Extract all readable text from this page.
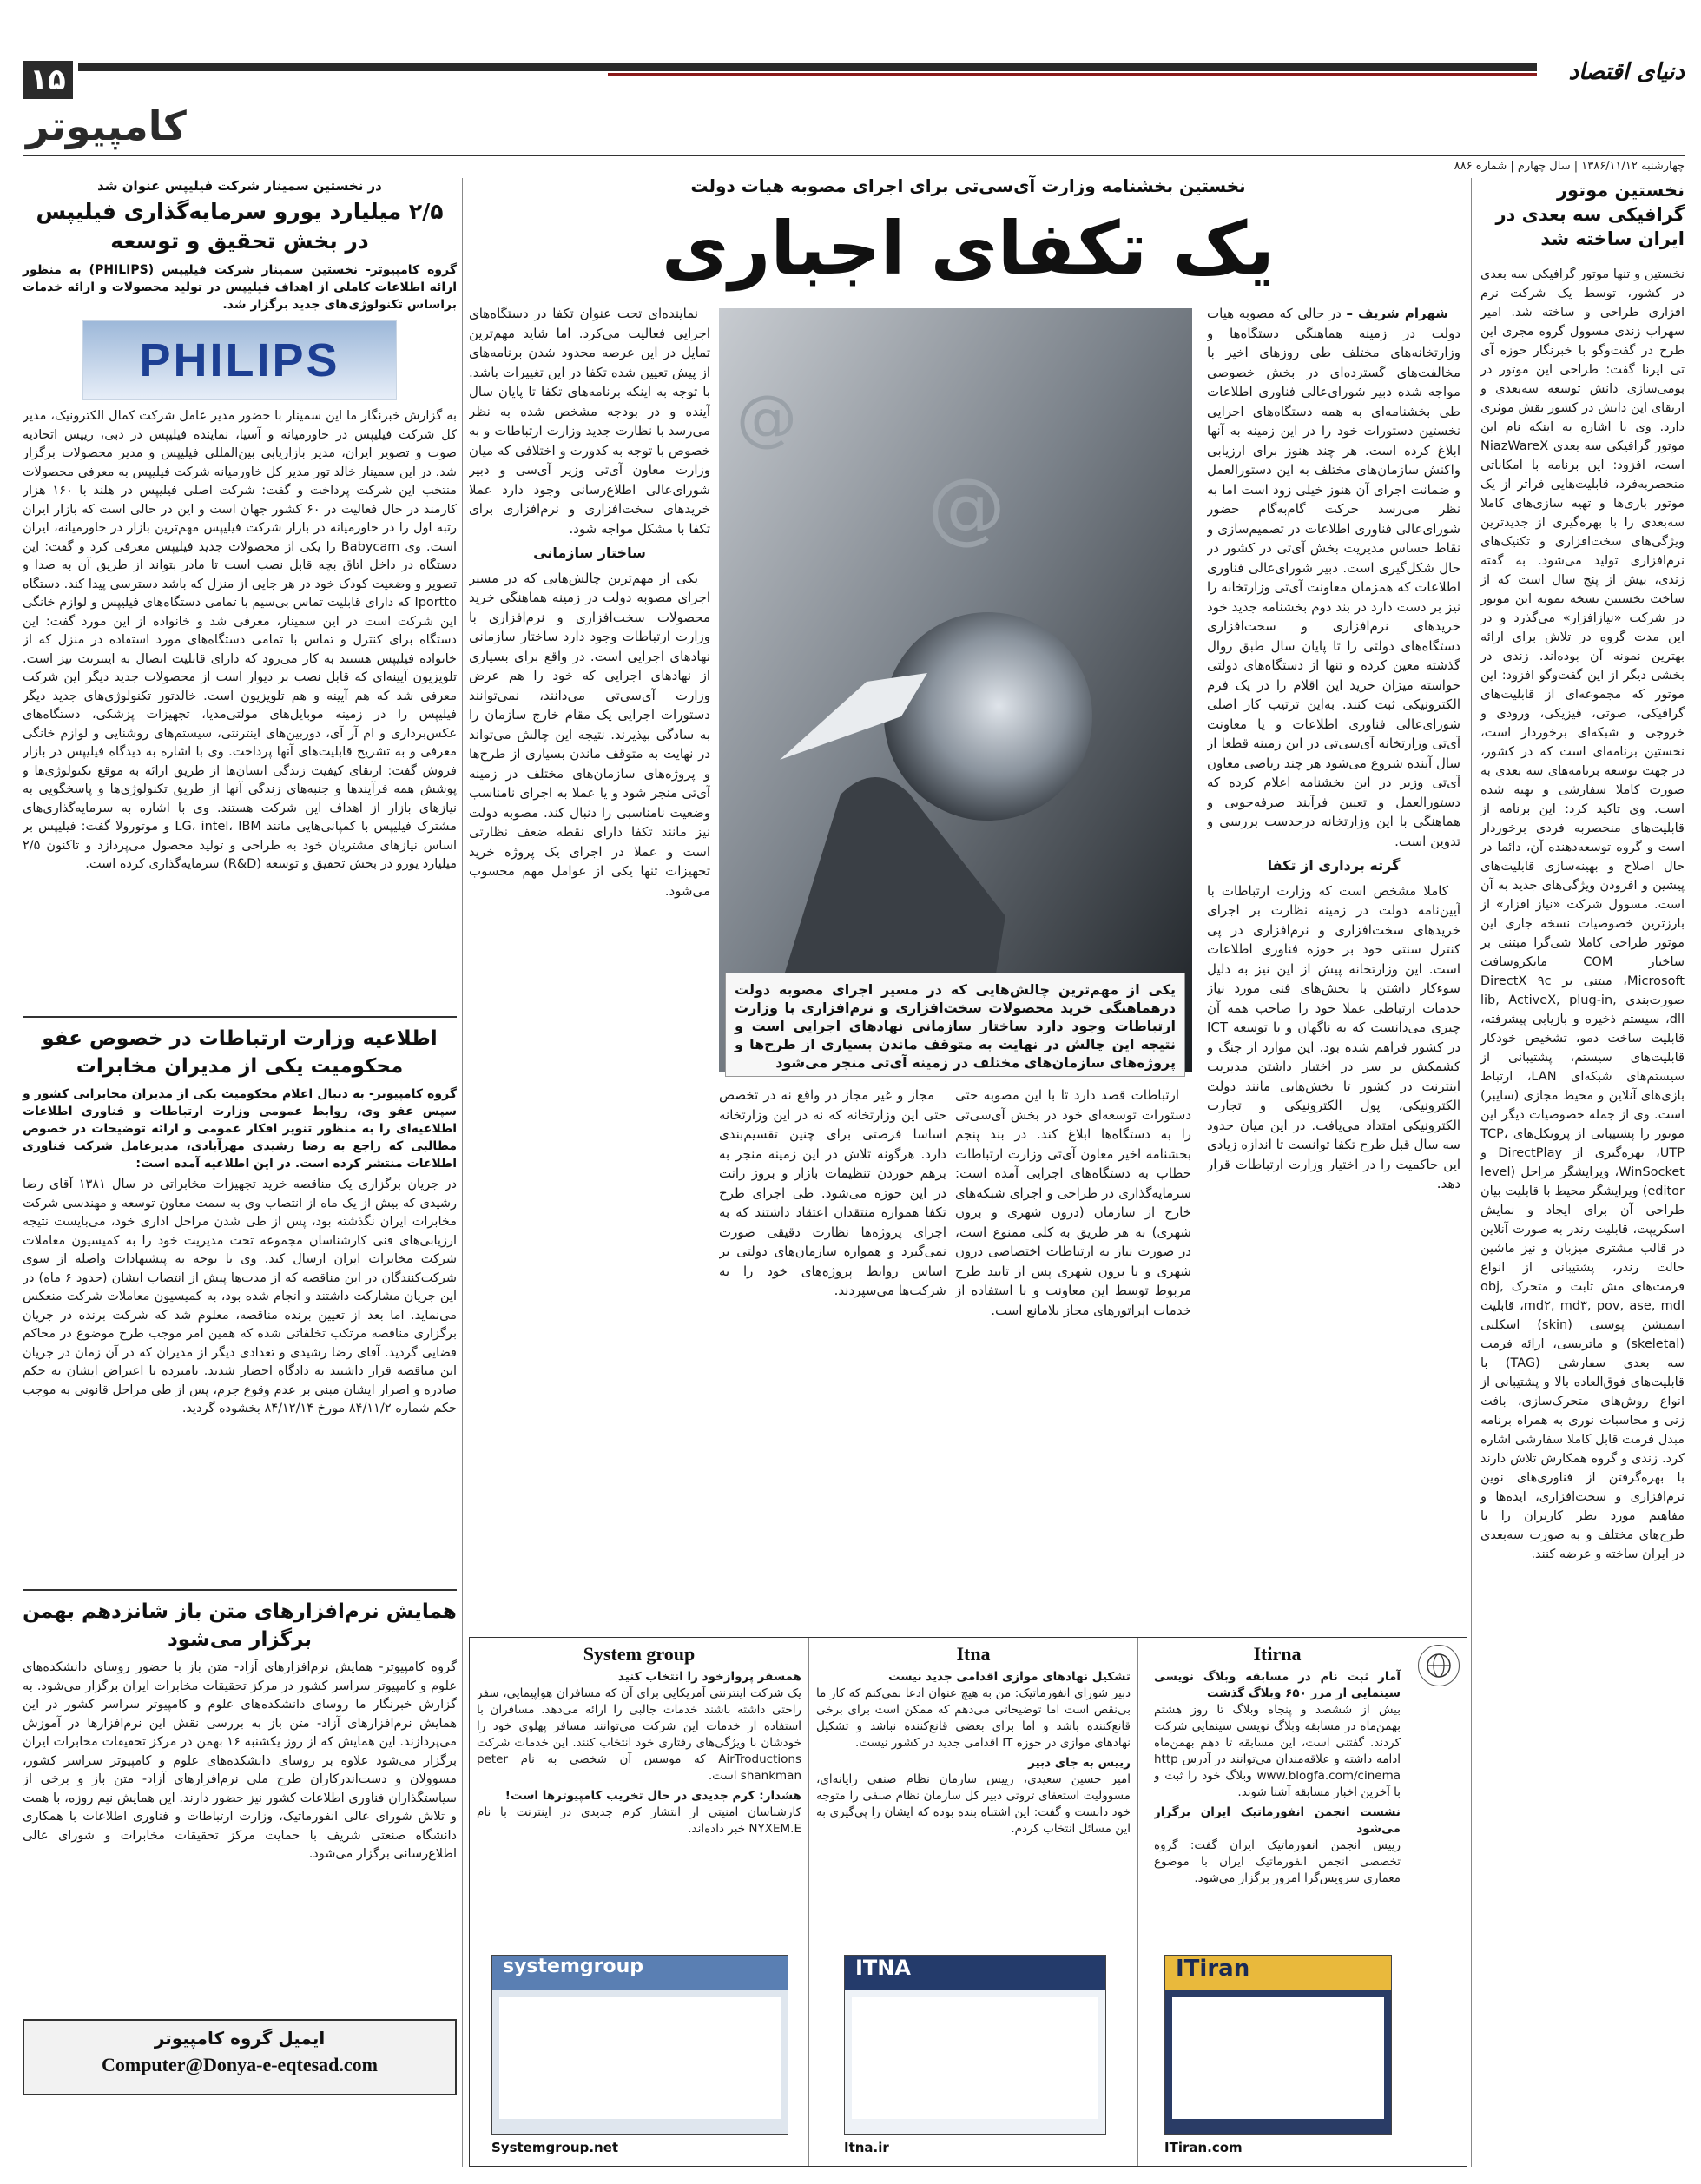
۱۵	دنیای اقتصاد
کامپیوتر
چهارشنبه ۱۳۸۶/۱۱/۱۲ | سال چهارم | شماره ۸۸۶
نخستین موتور گرافیکی سه بعدی در ایران ساخته شد
نخستین و تنها موتور گرافیکی سه بعدی در کشور، توسط یک شرکت نرم افزاری طراحی و ساخته شد. امیر سهراب زندی مسوول گروه مجری این طرح در گفت‌وگو با خبرنگار حوزه آی تی ایرنا گفت: طراحی این موتور در بومی‌سازی دانش توسعه سه‌بعدی و ارتقای این دانش در کشور نقش موثری دارد. وی با اشاره به اینکه نام این موتور گرافیکی سه بعدی NiazWareX است، افزود: این برنامه با امکاناتی منحصربه‌فرد، قابلیت‌هایی فراتر از یک موتور بازی‌ها و تهیه سازی‌های کاملا سه‌بعدی را با بهره‌گیری از جدیدترین ویژگی‌های سخت‌افزاری و تکنیک‌های نرم‌افزاری تولید می‌شود. به گفته زندی، بیش از پنج سال است که از ساخت نخستین نسخه نمونه این موتور در شرکت «نیازافزار» می‌گذرد و در این مدت گروه در تلاش برای ارائه بهترین نمونه آن بوده‌اند. زندی در بخشی دیگر از این گفت‌وگو افزود: این موتور که مجموعه‌ای از قابلیت‌های گرافیکی، صوتی، فیزیکی، ورودی و خروجی و شبکه‌ای برخوردار است، نخستین برنامه‌ای است که در کشور، در جهت توسعه برنامه‌های سه بعدی به صورت کاملا سفارشی و تهیه شده است. وی تاکید کرد: این برنامه از قابلیت‌های منحصربه فردی برخوردار است و گروه توسعه‌دهنده آن، دائما در حال اصلاح و بهینه‌سازی قابلیت‌های پیشین و افزودن ویژگی‌های جدید به آن است. مسوول شرکت «نیاز افزار» از بارزترین خصوصیات نسخه جاری این موتور طراحی کاملا شی‌گرا مبتنی بر ساختار COM مایکروسافت Microsoft، مبتنی بر DirectX ۹c صورت‌بندی lib, ActiveX, plug-in, dll، سیستم ذخیره و بازیابی پیشرفته، قابلیت ساخت دمو، تشخیص خودکار قابلیت‌های سیستم، پشتیبانی از سیستم‌های شبکه‌ای LAN، ارتباط بازی‌های آنلاین و محیط مجازی (سایبر) است. وی از جمله خصوصیات دیگر این موتور را پشتیبانی از پروتکل‌های TCP، UTP، بهره‌گیری از DirectPlay و WinSocket، ویرایشگر مراحل (level editor) ویرایشگر محیط با قابلیت بیان طراحی آن برای ایجاد و نمایش اسکریپت، قابلیت رندر به صورت آنلاین در قالب مشتری میزبان و نیز ماشین حالت رندر، پشتیبانی از انواع فرمت‌های مش ثابت و متحرک obj, md۲, md۳, pov, ase, mdl، قابلیت انیمیشن پوستی (skin) اسکلتی (skeletal) و ماتریسی، ارائه فرمت سه بعدی سفارشی (TAG) با قابلیت‌های فوق‌العاده بالا و پشتیبانی از انواع روش‌های متحرک‌سازی، بافت زنی و محاسبات نوری به همراه برنامه مبدل فرمت قابل کاملا سفارشی اشاره کرد. زندی و گروه همکارش تلاش دارند با بهره‌گرفتن از فناوری‌های نوین نرم‌افزاری و سخت‌افزاری، ایده‌ها و مفاهیم مورد نظر کاربران را با طرح‌های مختلف و به صورت سه‌بعدی در ایران ساخته و عرضه کنند.
نخستین بخشنامه وزارت آی‌سی‌تی برای اجرای مصوبه هیات دولت
یک تکفای اجباری

شهرام شریف – در حالی که مصوبه هیات دولت در زمینه هماهنگی دستگاه‌ها و وزارتخانه‌های مختلف طی روزهای اخیر با مخالفت‌های گسترده‌ای در بخش خصوصی مواجه شده دبیر شورای‌عالی فناوری اطلاعات طی بخشنامه‌ای به همه دستگاه‌های اجرایی نخستین دستورات خود را در این زمینه به آنها ابلاغ کرده است. هر چند هنوز برای ارزیابی واکنش سازمان‌های مختلف به این دستورالعمل و ضمانت اجرای آن هنوز خیلی زود است اما به نظر می‌رسد حرکت گام‌به‌گام حضور شورای‌عالی فناوری اطلاعات در تصمیم‌سازی و نقاط حساس مدیریت بخش آی‌تی در کشور در حال شکل‌گیری است. دبیر شورای‌عالی فناوری اطلاعات که همزمان معاونت آی‌تی وزارتخانه را نیز بر دست دارد در بند دوم بخشنامه جدید خود خرید‌های نرم‌افزاری و سخت‌افزاری دستگاه‌های دولتی را تا پایان سال طبق روال گذشته معین کرده و تنها از دستگاه‌های دولتی خواسته میزان خرید این اقلام را در یک فرم الکترونیکی ثبت کنند. به‌این ترتیب کار اصلی شورای‌عالی فناوری اطلاعات و یا معاونت آی‌تی وزارتخانه آی‌سی‌تی در این زمینه قطعا از سال آینده شروع می‌شود هر چند ریاضی معاون آی‌تی وزیر در این بخشنامه اعلام کرده که دستورالعمل و تعیین فرآیند صرفه‌جویی و هماهنگی با این وزارتخانه درحدست بررسی و تدوین است.

گرته برداری از تکفا

کاملا مشخص است که وزارت ارتباطات با آیین‌نامه دولت در زمینه نظارت بر اجرای خریدهای سخت‌افزاری و نرم‌افزاری در پی کنترل سنتی خود بر حوزه فناوری اطلاعات است. این وزارتخانه پیش از این نیز به دلیل سوءکار داشتن با بخش‌های فنی مورد نیاز خدمات ارتباطی عملا خود را صاحب همه آن چیزی می‌دانست که به ناگهان و با توسعه ICT در کشور فراهم شده بود. این موارد از جنگ و کشمکش بر سر در اختیار داشتن مدیریت اینترنت در کشور تا بخش‌هایی مانند دولت الکترونیکی، پول الکترونیکی و تجارت الکترونیکی امتداد می‌یافت. در این میان حدود سه سال قبل طرح تکفا توانست تا اندازه زیادی این حاکمیت را در اختیار وزارت ارتباطات قرار دهد.

@
@
یکی از مهم‌ترین چالش‌هایی که در مسیر اجرای مصوبه دولت درهماهنگی خرید محصولات سخت‌افزاری و نرم‌افزاری با وزارت ارتباطات وجود دارد ساختار سازمانی نهادهای اجرایی است و نتیجه این چالش در نهایت به متوقف ماندن بسیاری از طرح‌ها و پروژه‌های سازمان‌های مختلف در زمینه آی‌تی منجر می‌شود

نماینده‌ای تحت عنوان تکفا در دستگاه‌های اجرایی فعالیت می‌کرد. اما شاید مهم‌ترین تمایل در این عرصه محدود شدن برنامه‌های از پیش تعیین شده تکفا در این تغییرات باشد. با توجه به اینکه برنامه‌های تکفا تا پایان سال آینده و در بودجه مشخص شده به نظر می‌رسد با نظارت جدید وزارت ارتباطات و به خصوص با توجه به کدورت و اختلافی که میان وزارت معاون آی‌تی وزیر آی‌سی و دبیر شورای‌عالی اطلاع‌رسانی وجود دارد عملا خریدهای سخت‌افزاری و نرم‌افزاری برای تکفا با مشکل مواجه شود.

ساختار سازمانی

یکی از مهم‌ترین چالش‌هایی که در مسیر اجرای مصوبه دولت در زمینه هماهنگی خرید محصولات سخت‌افزاری و نرم‌افزاری با وزارت ارتباطات وجود دارد ساختار سازمانی نهادهای اجرایی است. در واقع برای بسیاری از نهادهای اجرایی که خود را هم عرض وزارت آی‌سی‌تی می‌دانند، نمی‌توانند دستورات اجرایی یک مقام خارج سازمان را به سادگی بپذیرند. نتیجه این چالش می‌تواند در نهایت به متوقف ماندن بسیاری از طرح‌ها و پروژه‌های سازمان‌های مختلف در زمینه آی‌تی منجر شود و یا عملا به اجرای نامناسب وضعیت نامناسبی را دنبال کند. مصوبه دولت نیز مانند تکفا دارای نقطه ضعف نظارتی است و عملا در اجرای یک پروژه خرید تجهیزات تنها یکی از عوامل مهم محسوب می‌شود.

ارتباطات قصد دارد تا با این مصوبه حتی دستورات توسعه‌ای خود در بخش آی‌سی‌تی را به دستگاه‌ها ابلاغ کند. در بند پنجم بخشنامه اخیر معاون آی‌تی وزارت ارتباطات خطاب به دستگاه‌های اجرایی آمده است: سرمایه‌گذاری در طراحی و اجرای شبکه‌های خارج از سازمان (درون شهری و برون شهری) به هر طریق به کلی ممنوع است، در صورت نیاز به ارتباطات اختصاصی درون شهری و یا برون شهری پس از تایید طرح مربوط توسط این معاونت و با استفاده از خدمات اپراتورهای مجاز بلامانع است.

مجاز و غیر مجاز در واقع نه در تخصص حتی این وزارتخانه که نه در این وزارتخانه اساسا فرصتی برای چنین تقسیم‌بندی دارد. هرگونه تلاش در این زمینه منجر به برهم خوردن تنظیمات بازار و بروز رانت در این حوزه می‌شود. طی اجرای طرح تکفا همواره منتقدان اعتقاد داشتند که به اجرای پروژه‌ها نظارت دقیقی صورت نمی‌گیرد و همواره سازمان‌های دولتی بر اساس روابط پروژه‌های خود را به شرکت‌ها می‌سپردند.

در نخستین سمینار شرکت فیلیپس عنوان شد
۲/۵ میلیارد یورو سرمایه‌گذاری فیلیپس در بخش تحقیق و توسعه
گروه کامپیوتر- نخستین سمینار شرکت فیلیپس (PHILIPS) به منظور ارائه اطلاعات کاملی از اهداف فیلیپس در تولید محصولات و ارائه خدمات براساس تکنولوژی‌های جدید برگزار شد.
PHILIPS
به گزارش خبرنگار ما این سمینار با حضور مدیر عامل شرکت کمال الکترونیک، مدیر کل شرکت فیلیپس در خاورمیانه و آسیا، نماینده فیلیپس در دبی، رییس اتحادیه صوت و تصویر ایران، مدیر بازاریابی بین‌المللی فیلیپس و مدیر محصولات برگزار شد. در این سمینار خالد تور مدیر کل خاورمیانه شرکت فیلیپس به معرفی محصولات منتخب این شرکت پرداخت و گفت: شرکت اصلی فیلیپس در هلند با ۱۶۰ هزار کارمند در حال فعالیت در ۶۰ کشور جهان است و این در حالی است که بازار ایران رتبه اول را در خاورمیانه در بازار شرکت فیلیپس مهم‌ترین بازار در خاورمیانه، ایران است. وی Babycam را یکی از محصولات جدید فیلیپس معرفی کرد و گفت: این دستگاه در داخل اتاق بچه قابل نصب است تا مادر بتواند از طریق آن به صدا و تصویر و وضعیت کودک خود در هر جایی از منزل که باشد دسترسی پیدا کند. دستگاه Iportto که دارای قابلیت تماس بی‌سیم با تمامی دستگاه‌های فیلیپس و لوازم خانگی این شرکت است در این سمینار، معرفی شد و خانواده از این مورد گفت: این دستگاه برای کنترل و تماس با تمامی دستگاه‌های مورد استفاده در منزل که از خانواده فیلیپس هستند به کار می‌رود که دارای قابلیت اتصال به اینترنت نیز است. تلویزیون آیینه‌ای که قابل نصب بر دیوار است از محصولات جدید دیگر این شرکت معرفی شد که هم آیینه و هم تلویزیون است. خالدتور تکنولوژی‌های جدید دیگر فیلیپس را در زمینه موبایل‌های مولتی‌مدیا، تجهیزات پزشکی، دستگاه‌های عکس‌برداری و ام آر آی، دوربین‌های اینترنتی، سیستم‌های روشنایی و لوازم خانگی معرفی و به تشریح قابلیت‌های آنها پرداخت. وی با اشاره به دیدگاه فیلیپس در بازار فروش گفت: ارتقای کیفیت زندگی انسان‌ها از طریق ارائه به موقع تکنولوژی‌ها و پوشش همه فرآیندها و جنبه‌های زندگی آنها از طریق تکنولوژی‌ها و پاسخگویی به نیازهای بازار از اهداف این شرکت هستند. وی با اشاره به سرمایه‌گذاری‌های مشترک فیلیپس با کمپانی‌هایی مانند LG، intel، IBM و موتورولا گفت: فیلیپس بر اساس نیازهای مشتریان خود به طراحی و تولید محصول می‌پردازد و تاکنون ۲/۵ میلیارد یورو در بخش تحقیق و توسعه (R&D) سرمایه‌گذاری کرده است.
اطلاعیه وزارت ارتباطات در خصوص عفو محکومیت یکی از مدیران مخابرات
گروه کامپیوتر- به دنبال اعلام محکومیت یکی از مدیران مخابراتی کشور و سپس عفو وی، روابط عمومی وزارت ارتباطات و فناوری اطلاعات اطلاعیه‌ای را به منظور تنویر افکار عمومی و ارائه توضیحات در خصوص مطالبی که راجع به رضا رشیدی مهرآبادی، مدیرعامل شرکت فناوری اطلاعات منتشر کرده است. در این اطلاعیه آمده است:
در جریان برگزاری یک مناقصه خرید تجهیزات مخابراتی در سال ۱۳۸۱ آقای رضا رشیدی که بیش از یک ماه از انتصاب وی به سمت معاون توسعه و مهندسی شرکت مخابرات ایران نگذشته بود، پس از طی شدن مراحل اداری خود، می‌بایست نتیجه ارزیابی‌های فنی کارشناسان مجموعه تحت مدیریت خود را به کمیسیون معاملات شرکت مخابرات ایران ارسال کند. وی با توجه به پیشنهادات واصله از سوی شرکت‌کنندگان در این مناقصه که از مدت‌ها پیش از انتصاب ایشان (حدود ۶ ماه) در این جریان مشارکت داشتند و انجام شده بود، به کمیسیون معاملات شرکت منعکس می‌نماید. اما بعد از تعیین برنده مناقصه، معلوم شد که شرکت برنده در جریان برگزاری مناقصه مرتکب تخلفاتی شده که همین امر موجب طرح موضوع در محاکم قضایی گردید. آقای رضا رشیدی و تعدادی دیگر از مدیران که در آن زمان در جریان این مناقصه قرار داشتند به دادگاه احضار شدند. نامبرده با اعتراض ایشان به حکم صادره و اصرار ایشان مبنی بر عدم وقوع جرم، پس از طی مراحل قانونی به موجب حکم شماره ۸۴/۱۱/۲ مورخ ۸۴/۱۲/۱۴ بخشوده گردید.
همایش نرم‌افزارهای متن باز شانزدهم بهمن برگزار می‌شود
گروه کامپیوتر- همایش نرم‌افزارهای آزاد- متن باز با حضور روسای دانشکده‌های علوم و کامپیوتر سراسر کشور در مرکز تحقیقات مخابرات ایران برگزار می‌شود. به گزارش خبرنگار ما روسای دانشکده‌های علوم و کامپیوتر سراسر کشور در این همایش نرم‌افزارهای آزاد- متن باز به بررسی نقش این نرم‌افزارها در آموزش می‌پردازند. این همایش که از روز یکشنبه ۱۶ بهمن در مرکز تحقیقات مخابرات ایران برگزار می‌شود علاوه بر روسای دانشکده‌های علوم و کامپیوتر سراسر کشور، مسوولان و دست‌اندرکاران طرح ملی نرم‌افزارهای آزاد- متن باز و برخی از سیاستگذاران فناوری اطلاعات کشور نیز حضور دارند. این همایش نیم روزه، با همت و تلاش شورای عالی انفورماتیک، وزارت ارتباطات و فناوری اطلاعات با همکاری دانشگاه صنعتی شریف با حمایت مرکز تحقیقات مخابرات و شورای عالی اطلاع‌رسانی برگزار می‌شود.
ایمیل گروه کامپیوتر
Computer@Donya-e-eqtesad.com
Itirna
آمار ثبت نام در مسابقه وبلاگ نویسی سینمایی از مرز ۶۵۰ وبلاگ گذشت
بیش از ششصد و پنجاه وبلاگ تا روز هشتم بهمن‌ماه در مسابقه وبلاگ نویسی سینمایی شرکت کردند. گفتنی است، این مسابقه تا دهم بهمن‌ماه ادامه داشته و علاقه‌مندان می‌توانند در آدرس http www.blogfa.com/cinema وبلاگ خود را ثبت و با آخرین اخبار مسابقه آشنا شوند.
نشست انجمن انفورماتیک ایران برگزار می‌شود
رییس انجمن انفورماتیک ایران گفت: گروه تخصصی انجمن انفورماتیک ایران با موضوع معماری سرویس‌گرا امروز برگزار می‌شود.
ITiran
ITiran.com
Itna
تشکیل نهادهای موازی اقدامی جدید نیست
دبیر شورای انفورماتیک: من به هیچ عنوان ادعا نمی‌کنم که کار ما بی‌نقص است اما توضیحاتی می‌دهم که ممکن است برای برخی قانع‌کننده باشد و اما برای بعضی قانع‌کننده نباشد و تشکیل نهادهای موازی در حوزه IT اقدامی جدید در کشور نیست.
رییس به جای دبیر
امیر حسین سعیدی، رییس سازمان نظام صنفی رایانه‌ای، مسوولیت استعفای تروتی دبیر کل سازمان نظام صنفی را متوجه خود دانست و گفت: این اشتباه بنده بوده که ایشان را پی‌گیری به این مسائل انتخاب کردم.
ITNA
Itna.ir
System group
همسفر پروازخود را انتخاب کنید
یک شرکت اینترنتی آمریکایی برای آن که مسافران هواپیمایی، سفر راحتی داشته باشند خدمات جالبی را ارائه می‌دهد. مسافران با استفاده از خدمات این شرکت می‌توانند مسافر پهلوی خود را خودشان با ویژگی‌های رفتاری خود انتخاب کنند. این خدمات شرکت AirTroductions که موسس آن شخصی به نام peter shankman است.
هشدار: کرم جدیدی در حال تخریب کامپیوترها است!
کارشناسان امنیتی از انتشار کرم جدیدی در اینترنت با نام NYXEM.E خبر داده‌اند.
systemgroup
Systemgroup.net
